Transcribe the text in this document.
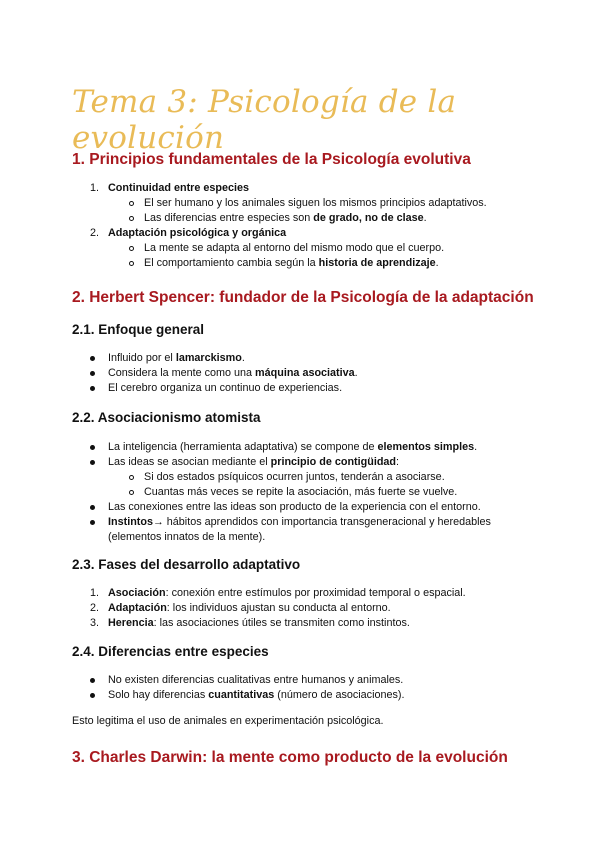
Tema 3: Psicología de la evolución
1. Principios fundamentales de la Psicología evolutiva
1. Continuidad entre especies
El ser humano y los animales siguen los mismos principios adaptativos.
Las diferencias entre especies son de grado, no de clase.
2. Adaptación psicológica y orgánica
La mente se adapta al entorno del mismo modo que el cuerpo.
El comportamiento cambia según la historia de aprendizaje.
2. Herbert Spencer: fundador de la Psicología de la adaptación
2.1. Enfoque general
Influido por el lamarckismo.
Considera la mente como una máquina asociativa.
El cerebro organiza un continuo de experiencias.
2.2. Asociacionismo atomista
La inteligencia (herramienta adaptativa) se compone de elementos simples.
Las ideas se asocian mediante el principio de contigüidad:
Si dos estados psíquicos ocurren juntos, tenderán a asociarse.
Cuantas más veces se repite la asociación, más fuerte se vuelve.
Las conexiones entre las ideas son producto de la experiencia con el entorno.
Instintos→ hábitos aprendidos con importancia transgeneracional y heredables
(elementos innatos de la mente).
2.3. Fases del desarrollo adaptativo
1. Asociación: conexión entre estímulos por proximidad temporal o espacial.
2. Adaptación: los individuos ajustan su conducta al entorno.
3. Herencia: las asociaciones útiles se transmiten como instintos.
2.4. Diferencias entre especies
No existen diferencias cualitativas entre humanos y animales.
Solo hay diferencias cuantitativas (número de asociaciones).
Esto legitima el uso de animales en experimentación psicológica.
3. Charles Darwin: la mente como producto de la evolución
